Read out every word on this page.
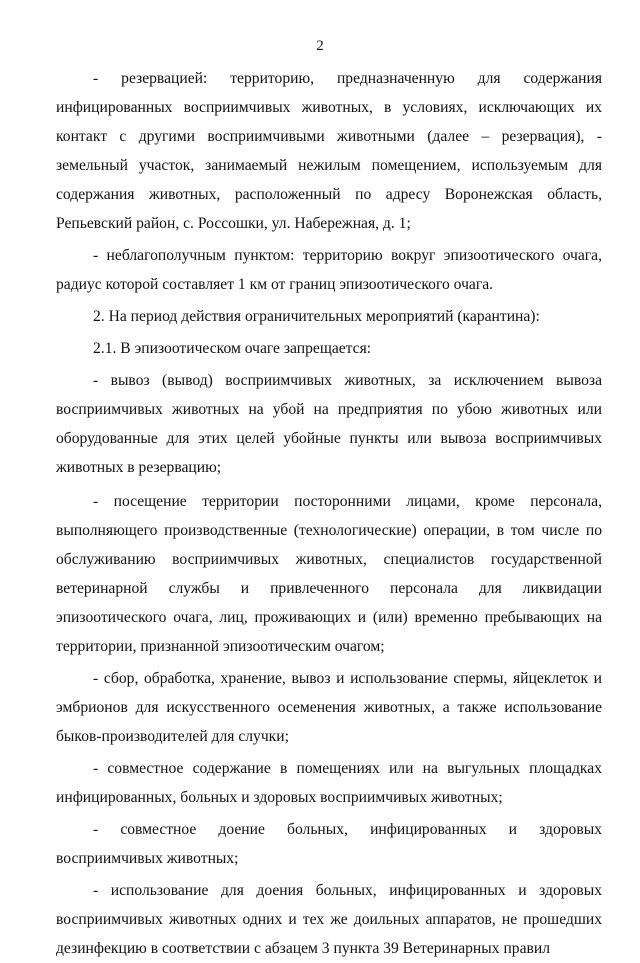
2

- резервацией: территорию, предназначенную для содержания инфицированных восприимчивых животных, в условиях, исключающих их контакт с другими восприимчивыми животными (далее – резервация), - земельный участок, занимаемый нежилым помещением, используемым для содержания животных, расположенный по адресу Воронежская область, Репьевский район, с. Россошки, ул. Набережная, д. 1;

- неблагополучным пунктом: территорию вокруг эпизоотического очага, радиус которой составляет 1 км от границ эпизоотического очага.

2. На период действия ограничительных мероприятий (карантина):

2.1. В эпизоотическом очаге запрещается:

- вывоз (вывод) восприимчивых животных, за исключением вывоза восприимчивых животных на убой на предприятия по убою животных или оборудованные для этих целей убойные пункты или вывоза восприимчивых животных в резервацию;

- посещение территории посторонними лицами, кроме персонала, выполняющего производственные (технологические) операции, в том числе по обслуживанию восприимчивых животных, специалистов государственной ветеринарной службы и привлеченного персонала для ликвидации эпизоотического очага, лиц, проживающих и (или) временно пребывающих на территории, признанной эпизоотическим очагом;

- сбор, обработка, хранение, вывоз и использование спермы, яйцеклеток и эмбрионов для искусственного осеменения животных, а также использование быков-производителей для случки;

- совместное содержание в помещениях или на выгульных площадках инфицированных, больных и здоровых восприимчивых животных;

- совместное доение больных, инфицированных и здоровых восприимчивых животных;

- использование для доения больных, инфицированных и здоровых восприимчивых животных одних и тех же доильных аппаратов, не прошедших дезинфекцию в соответствии с абзацем 3 пункта 39 Ветеринарных правил
